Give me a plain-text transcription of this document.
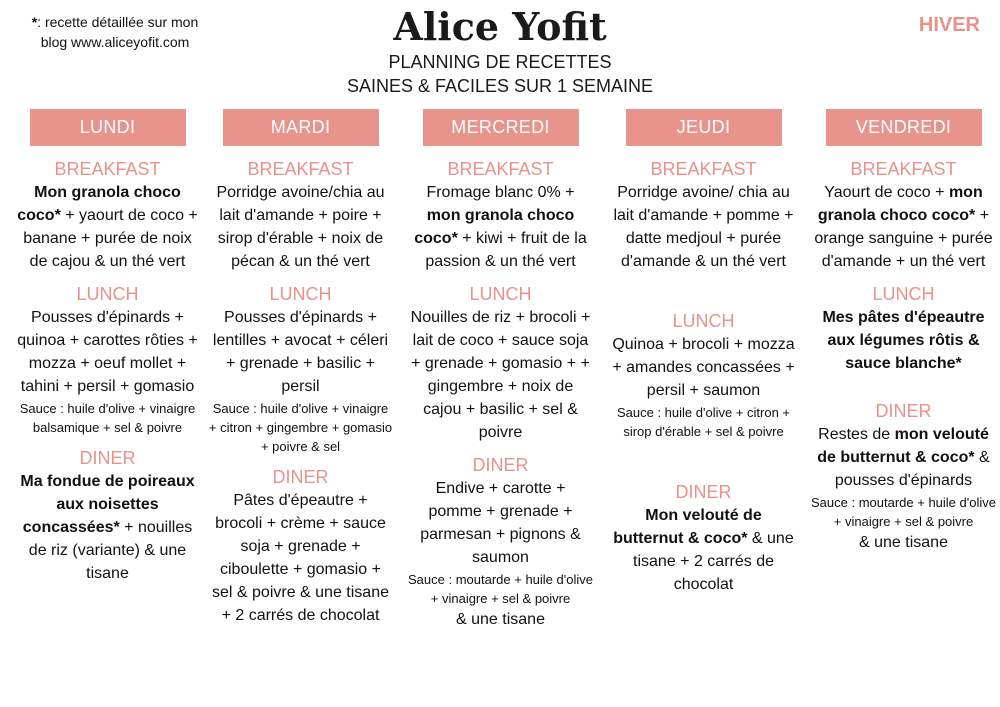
*: recette détaillée sur mon blog www.aliceyofit.com	Alice Yofit
PLANNING DE RECETTES
SAINES & FACILES SUR 1 SEMAINE
HIVER
LUNDI
BREAKFAST
Mon granola choco coco* + yaourt de coco + banane + purée de noix de cajou & un thé vert
LUNCH
Pousses d'épinards + quinoa + carottes rôties + mozza + oeuf mollet + tahini + persil + gomasio
Sauce : huile d'olive + vinaigre balsamique + sel & poivre
DINER
Ma fondue de poireaux aux noisettes concassées* + nouilles de riz (variante) & une tisane
MARDI
BREAKFAST
Porridge avoine/chia au lait d'amande + poire + sirop d'érable + noix de pécan & un thé vert
LUNCH
Pousses d'épinards + lentilles + avocat + céleri + grenade + basilic + persil
Sauce : huile d'olive + vinaigre + citron + gingembre + gomasio + poivre & sel
DINER
Pâtes d'épeautre + brocoli + crème + sauce soja + grenade + ciboulette + gomasio + sel & poivre & une tisane + 2 carrés de chocolat
MERCREDI
BREAKFAST
Fromage blanc 0% + mon granola choco coco* + kiwi + fruit de la passion & un thé vert
LUNCH
Nouilles de riz + brocoli + lait de coco + sauce soja + grenade + gomasio + + gingembre + noix de cajou + basilic + sel & poivre
DINER
Endive + carotte + pomme + grenade + parmesan + pignons & saumon
Sauce : moutarde + huile d'olive + vinaigre + sel & poivre
& une tisane
JEUDI
BREAKFAST
Porridge avoine/ chia au lait d'amande + pomme + datte medjoul + purée d'amande & un thé vert
LUNCH
Quinoa + brocoli + mozza + amandes concassées + persil + saumon
Sauce : huile d'olive + citron + sirop d'érable + sel & poivre
DINER
Mon velouté de butternut & coco* & une tisane + 2 carrés de chocolat
VENDREDI
BREAKFAST
Yaourt de coco + mon granola choco coco* + orange sanguine + purée d'amande + un thé vert
LUNCH
Mes pâtes d'épeautre aux légumes rôtis & sauce blanche*
DINER
Restes de mon velouté de butternut & coco* & pousses d'épinards
Sauce : moutarde + huile d'olive + vinaigre + sel & poivre
& une tisane
